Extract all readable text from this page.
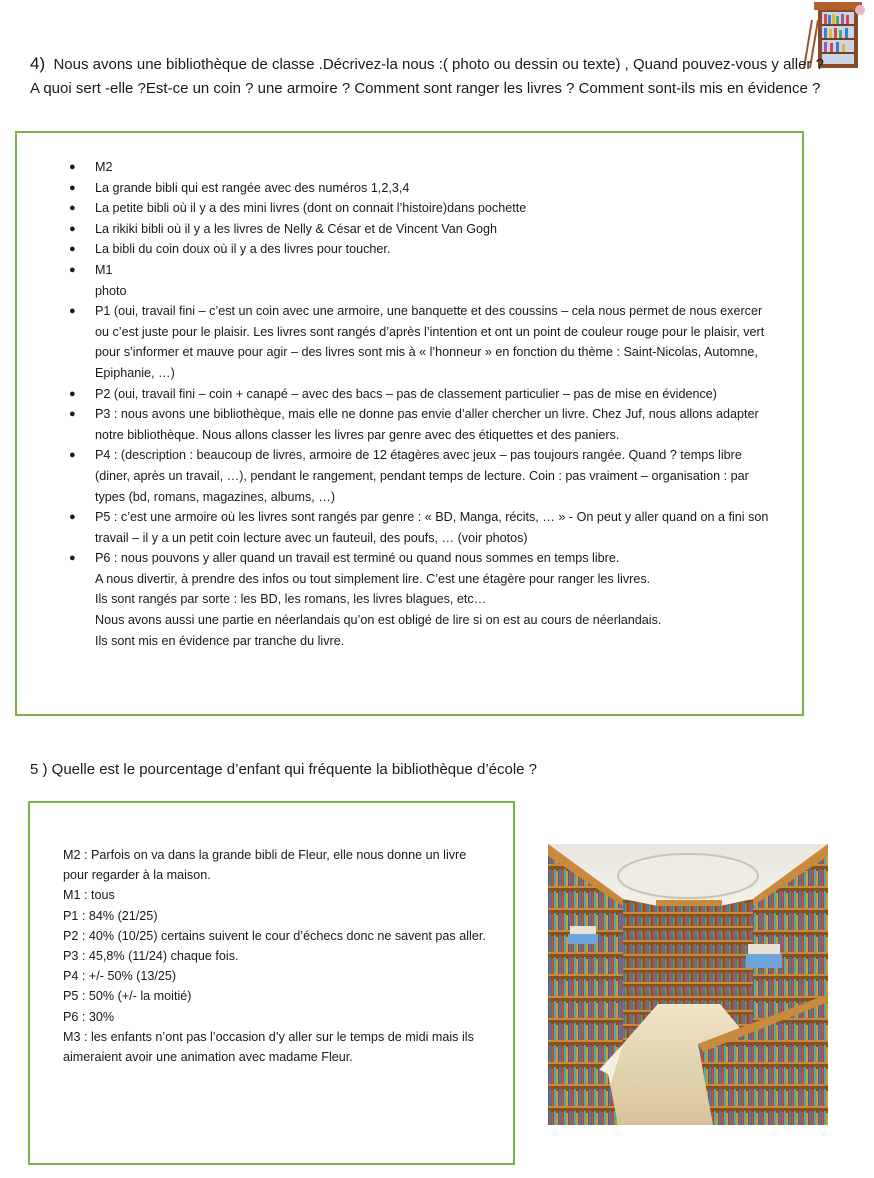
4) Nous avons une bibliothèque de classe .Décrivez-la nous :( photo ou dessin ou texte) , Quand pouvez-vous y aller ? A quoi sert -elle ?Est-ce un coin ? une armoire ? Comment sont ranger les livres ? Comment sont-ils mis en évidence ?
● M2
● La grande bibli qui est rangée avec des numéros 1,2,3,4
● La petite bibli où il y a des mini livres (dont on connait l’histoire)dans pochette
● La rikiki bibli où il y a les livres de Nelly & César et de Vincent Van Gogh
● La bibli du coin doux où il y a des livres pour toucher.
● M1
photo
● P1 (oui, travail fini – c’est un coin avec une armoire, une banquette et des coussins – cela nous permet de nous exercer ou c’est juste pour le plaisir. Les livres sont rangés d’après l’intention et ont un point de couleur rouge pour le plaisir, vert pour s’informer et mauve pour agir – des livres sont mis à « l’honneur » en fonction du thème : Saint-Nicolas, Automne, Epiphanie, …)
● P2 (oui, travail fini – coin + canapé – avec des bacs – pas de classement particulier – pas de mise en évidence)
● P3 : nous avons une bibliothèque, mais elle ne donne pas envie d’aller chercher un livre. Chez Juf, nous allons adapter notre bibliothèque. Nous allons classer les livres par genre avec des étiquettes et des paniers.
● P4 : (description : beaucoup de livres, armoire de 12 étagères avec jeux – pas toujours rangée. Quand ? temps libre (diner, après un travail, …), pendant le rangement, pendant temps de lecture. Coin : pas vraiment – organisation : par types (bd, romans, magazines, albums, …)
● P5 : c’est une armoire où les livres sont rangés par genre : « BD, Manga, récits, … » - On peut y aller quand on a fini son travail – il y a un petit coin lecture avec un fauteuil, des poufs, … (voir photos)
● P6 : nous pouvons y aller quand un travail est terminé ou quand nous sommes en temps libre.
A nous divertir, à prendre des infos ou tout simplement lire. C’est une étagère pour ranger les livres.
Ils sont rangés par sorte : les BD, les romans, les livres blagues, etc…
Nous avons aussi une partie en néerlandais qu’on est obligé de lire si on est au cours de néerlandais.
Ils sont mis en évidence par tranche du livre.
5 ) Quelle est le pourcentage d’enfant qui fréquente la bibliothèque d’école ?
M2 : Parfois on va dans la grande bibli de Fleur, elle nous donne un livre pour regarder à la maison.
M1 : tous
P1 : 84% (21/25)
P2 : 40% (10/25) certains suivent le cour d’échecs donc ne savent pas aller.
P3 : 45,8% (11/24) chaque fois.
P4 : +/- 50% (13/25)
P5 : 50% (+/- la moitié)
P6 : 30%
M3 : les enfants n’ont pas l’occasion d’y aller sur le temps de midi mais ils aimeraient avoir une animation avec madame Fleur.
